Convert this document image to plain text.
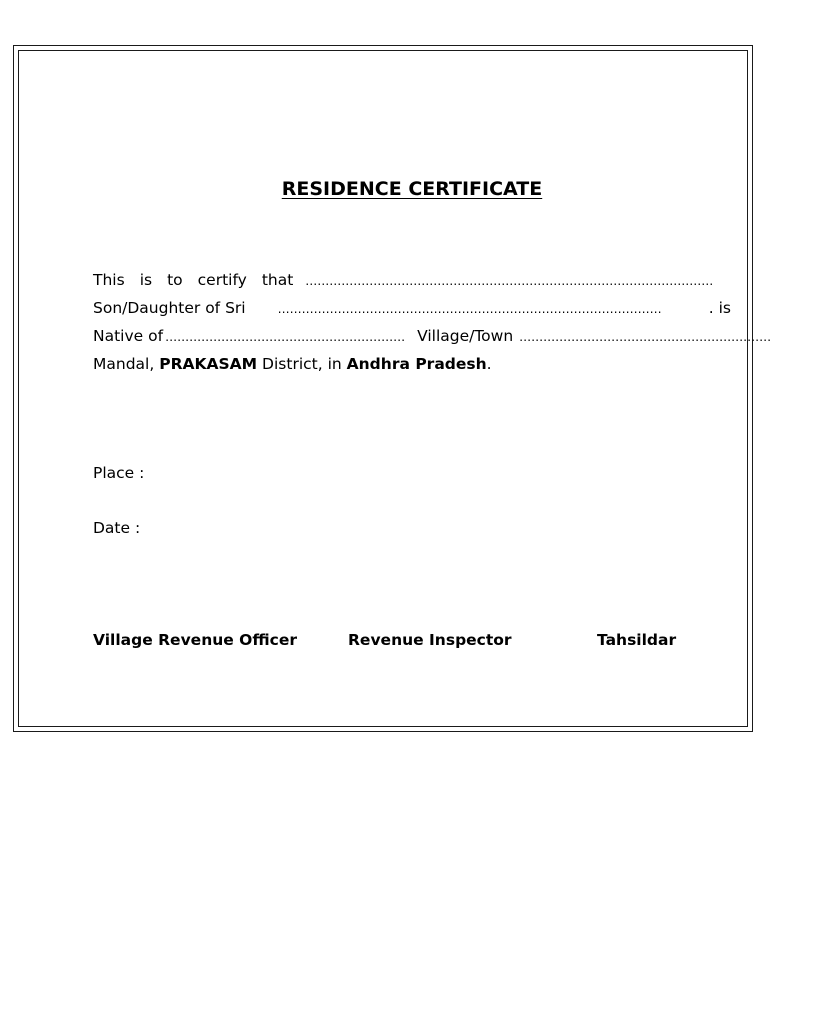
RESIDENCE CERTIFICATE
This is to certify that …………………………………………………………………………………………
Son/Daughter of Sri	……………………………………………………………………………………	. is
Native of …………………………………………………… Village/Town ………………………………………………………
Mandal, PRAKASAM District, in Andhra Pradesh.
Place :
Date :
Village Revenue Officer	Revenue Inspector	Tahsildar
